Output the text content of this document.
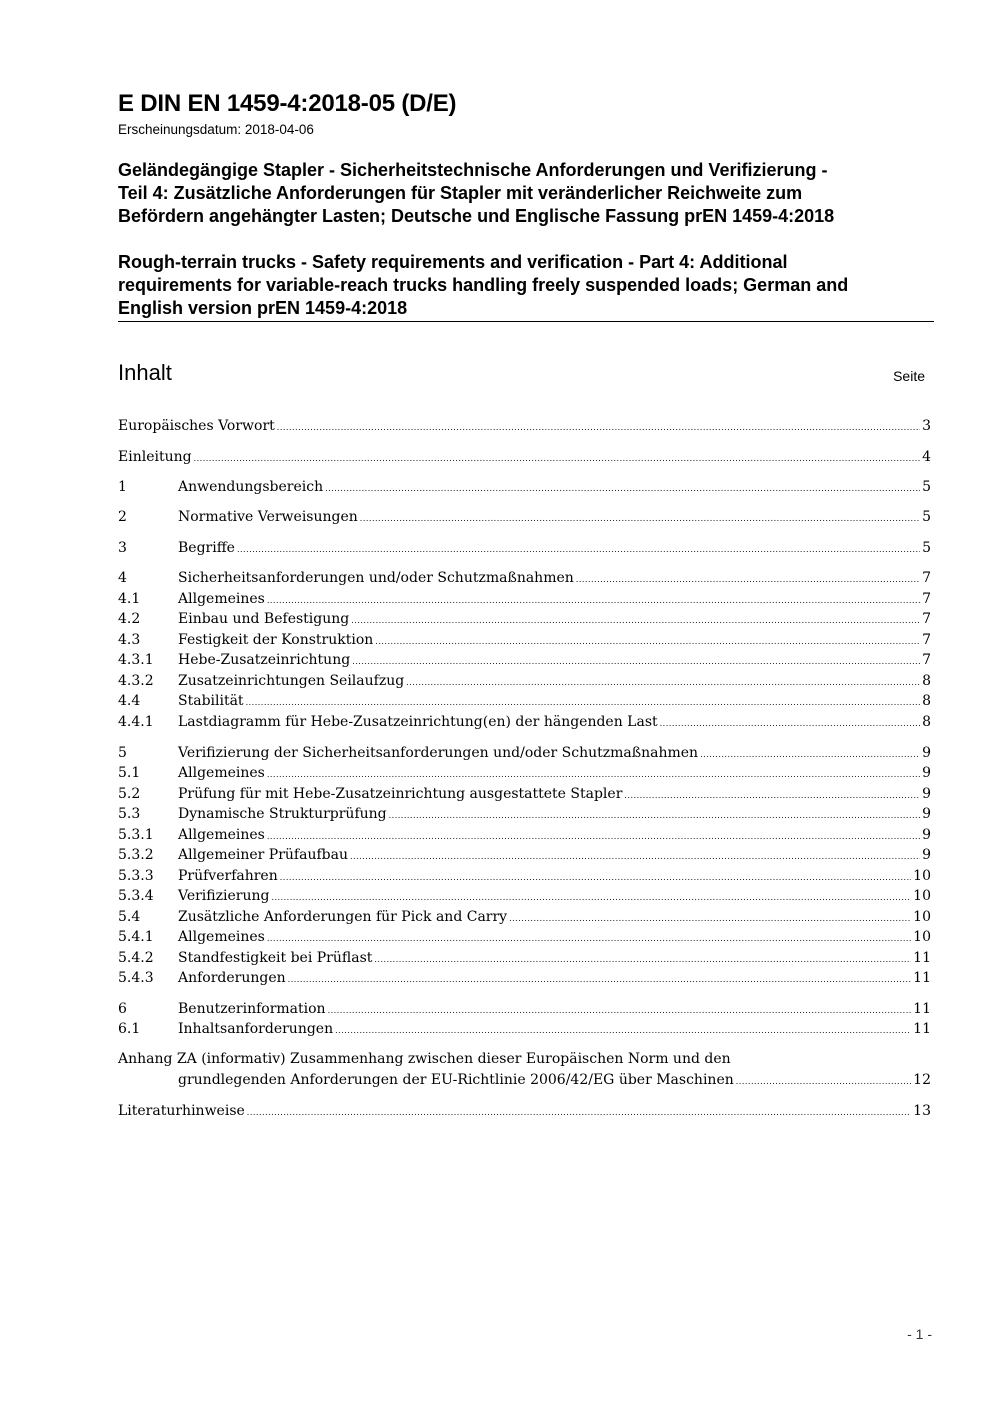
E DIN EN 1459-4:2018-05 (D/E)
Erscheinungsdatum: 2018-04-06
Geländegängige Stapler - Sicherheitstechnische Anforderungen und Verifizierung -
Teil 4: Zusätzliche Anforderungen für Stapler mit veränderlicher Reichweite zum
Befördern angehängter Lasten; Deutsche und Englische Fassung prEN 1459-4:2018
Rough-terrain trucks - Safety requirements and verification - Part 4: Additional
requirements for variable-reach trucks handling freely suspended loads; German and
English version prEN 1459-4:2018
Inhalt	Seite
Europäisches Vorwort .....	3
Einleitung .....	4
1	Anwendungsbereich .....	5
2	Normative Verweisungen .....	5
3	Begriffe .....	5
4	Sicherheitsanforderungen und/oder Schutzmaßnahmen .....	7
4.1	Allgemeines .....	7
4.2	Einbau und Befestigung .....	7
4.3	Festigkeit der Konstruktion .....	7
4.3.1	Hebe-Zusatzeinrichtung .....	7
4.3.2	Zusatzeinrichtungen Seilaufzug .....	8
4.4	Stabilität .....	8
4.4.1	Lastdiagramm für Hebe-Zusatzeinrichtung(en) der hängenden Last .....	8
5	Verifizierung der Sicherheitsanforderungen und/oder Schutzmaßnahmen .....	9
5.1	Allgemeines .....	9
5.2	Prüfung für mit Hebe-Zusatzeinrichtung ausgestattete Stapler .....	9
5.3	Dynamische Strukturprüfung .....	9
5.3.1	Allgemeines .....	9
5.3.2	Allgemeiner Prüfaufbau .....	9
5.3.3	Prüfverfahren .....	10
5.3.4	Verifizierung .....	10
5.4	Zusätzliche Anforderungen für Pick and Carry .....	10
5.4.1	Allgemeines .....	10
5.4.2	Standfestigkeit bei Prüflast .....	11
5.4.3	Anforderungen .....	11
6	Benutzerinformation .....	11
6.1	Inhaltsanforderungen .....	11
Anhang ZA (informativ) Zusammenhang zwischen dieser Europäischen Norm und den
grundlegenden Anforderungen der EU-Richtlinie 2006/42/EG über Maschinen .....	12
Literaturhinweise .....	13
- 1 -
